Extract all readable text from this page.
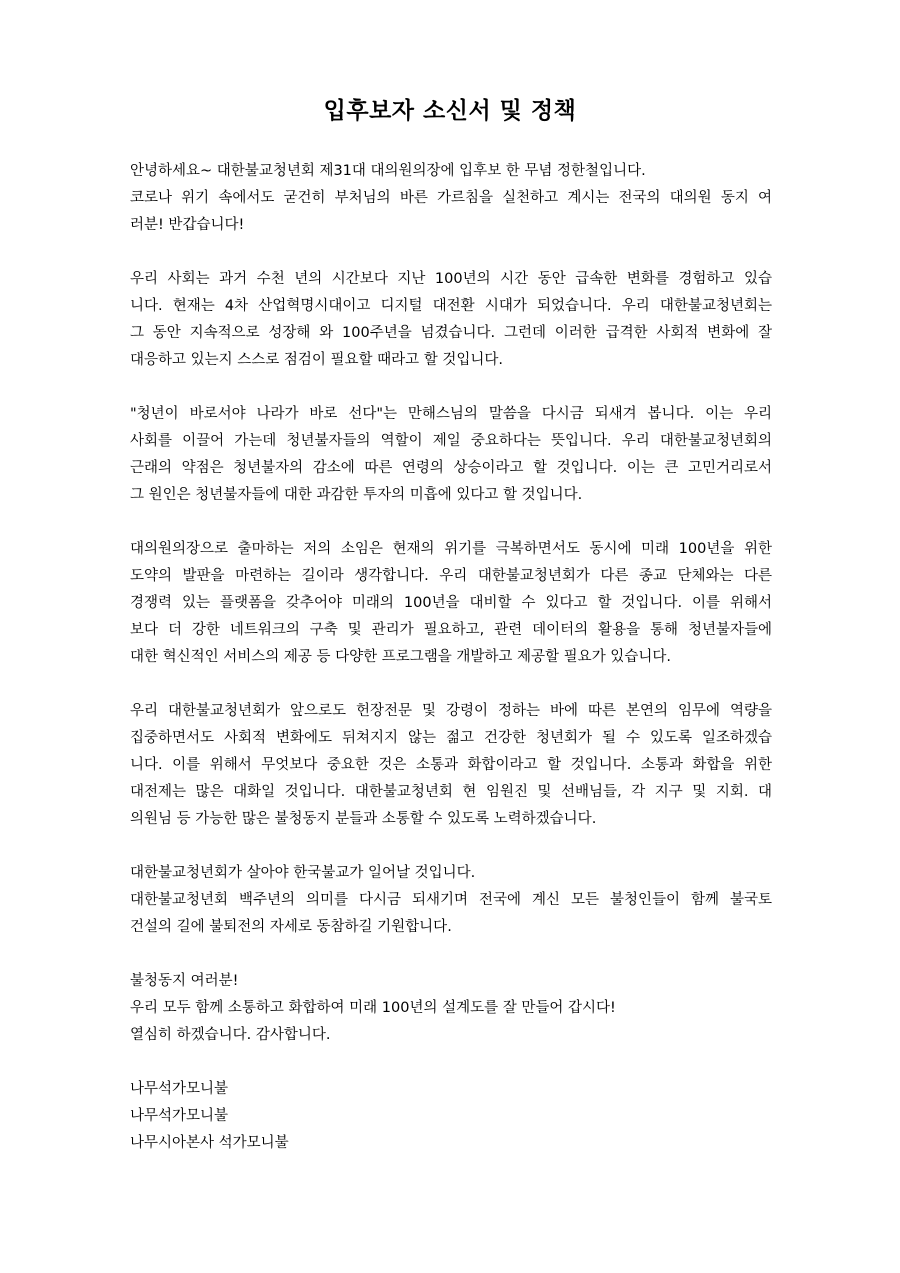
입후보자 소신서 및 정책
안녕하세요~ 대한불교청년회 제31대 대의원의장에 입후보 한 무념 정한철입니다.
코로나 위기 속에서도 굳건히 부처님의 바른 가르침을 실천하고 계시는 전국의 대의원 동지 여
러분! 반갑습니다!
우리 사회는 과거 수천 년의 시간보다 지난 100년의 시간 동안 급속한 변화를 경험하고 있습
니다. 현재는 4차 산업혁명시대이고 디지털 대전환 시대가 되었습니다. 우리 대한불교청년회는
그 동안 지속적으로 성장해 와 100주년을 넘겼습니다. 그런데 이러한 급격한 사회적 변화에 잘
대응하고 있는지 스스로 점검이 필요할 때라고 할 것입니다.
"청년이 바로서야 나라가 바로 선다"는 만해스님의 말씀을 다시금 되새겨 봅니다. 이는 우리
사회를 이끌어 가는데 청년불자들의 역할이 제일 중요하다는 뜻입니다. 우리 대한불교청년회의
근래의 약점은 청년불자의 감소에 따른 연령의 상승이라고 할 것입니다. 이는 큰 고민거리로서
그 원인은 청년불자들에 대한 과감한 투자의 미흡에 있다고 할 것입니다.
대의원의장으로 출마하는 저의 소임은 현재의 위기를 극복하면서도 동시에 미래 100년을 위한
도약의 발판을 마련하는 길이라 생각합니다. 우리 대한불교청년회가 다른 종교 단체와는 다른
경쟁력 있는 플랫폼을 갖추어야 미래의 100년을 대비할 수 있다고 할 것입니다. 이를 위해서
보다 더 강한 네트워크의 구축 및 관리가 필요하고, 관련 데이터의 활용을 통해 청년불자들에
대한 혁신적인 서비스의 제공 등 다양한 프로그램을 개발하고 제공할 필요가 있습니다.
우리 대한불교청년회가 앞으로도 헌장전문 및 강령이 정하는 바에 따른 본연의 임무에 역량을
집중하면서도 사회적 변화에도 뒤쳐지지 않는 젊고 건강한 청년회가 될 수 있도록 일조하겠습
니다. 이를 위해서 무엇보다 중요한 것은 소통과 화합이라고 할 것입니다. 소통과 화합을 위한
대전제는 많은 대화일 것입니다. 대한불교청년회 현 임원진 및 선배님들, 각 지구 및 지회. 대
의원님 등 가능한 많은 불청동지 분들과 소통할 수 있도록 노력하겠습니다.
대한불교청년회가 살아야 한국불교가 일어날 것입니다.
대한불교청년회 백주년의 의미를 다시금 되새기며 전국에 계신 모든 불청인들이 함께 불국토
건설의 길에 불퇴전의 자세로 동참하길 기원합니다.
불청동지 여러분!
우리 모두 함께 소통하고 화합하여 미래 100년의 설계도를 잘 만들어 갑시다!
열심히 하겠습니다. 감사합니다.
나무석가모니불
나무석가모니불
나무시아본사 석가모니불
